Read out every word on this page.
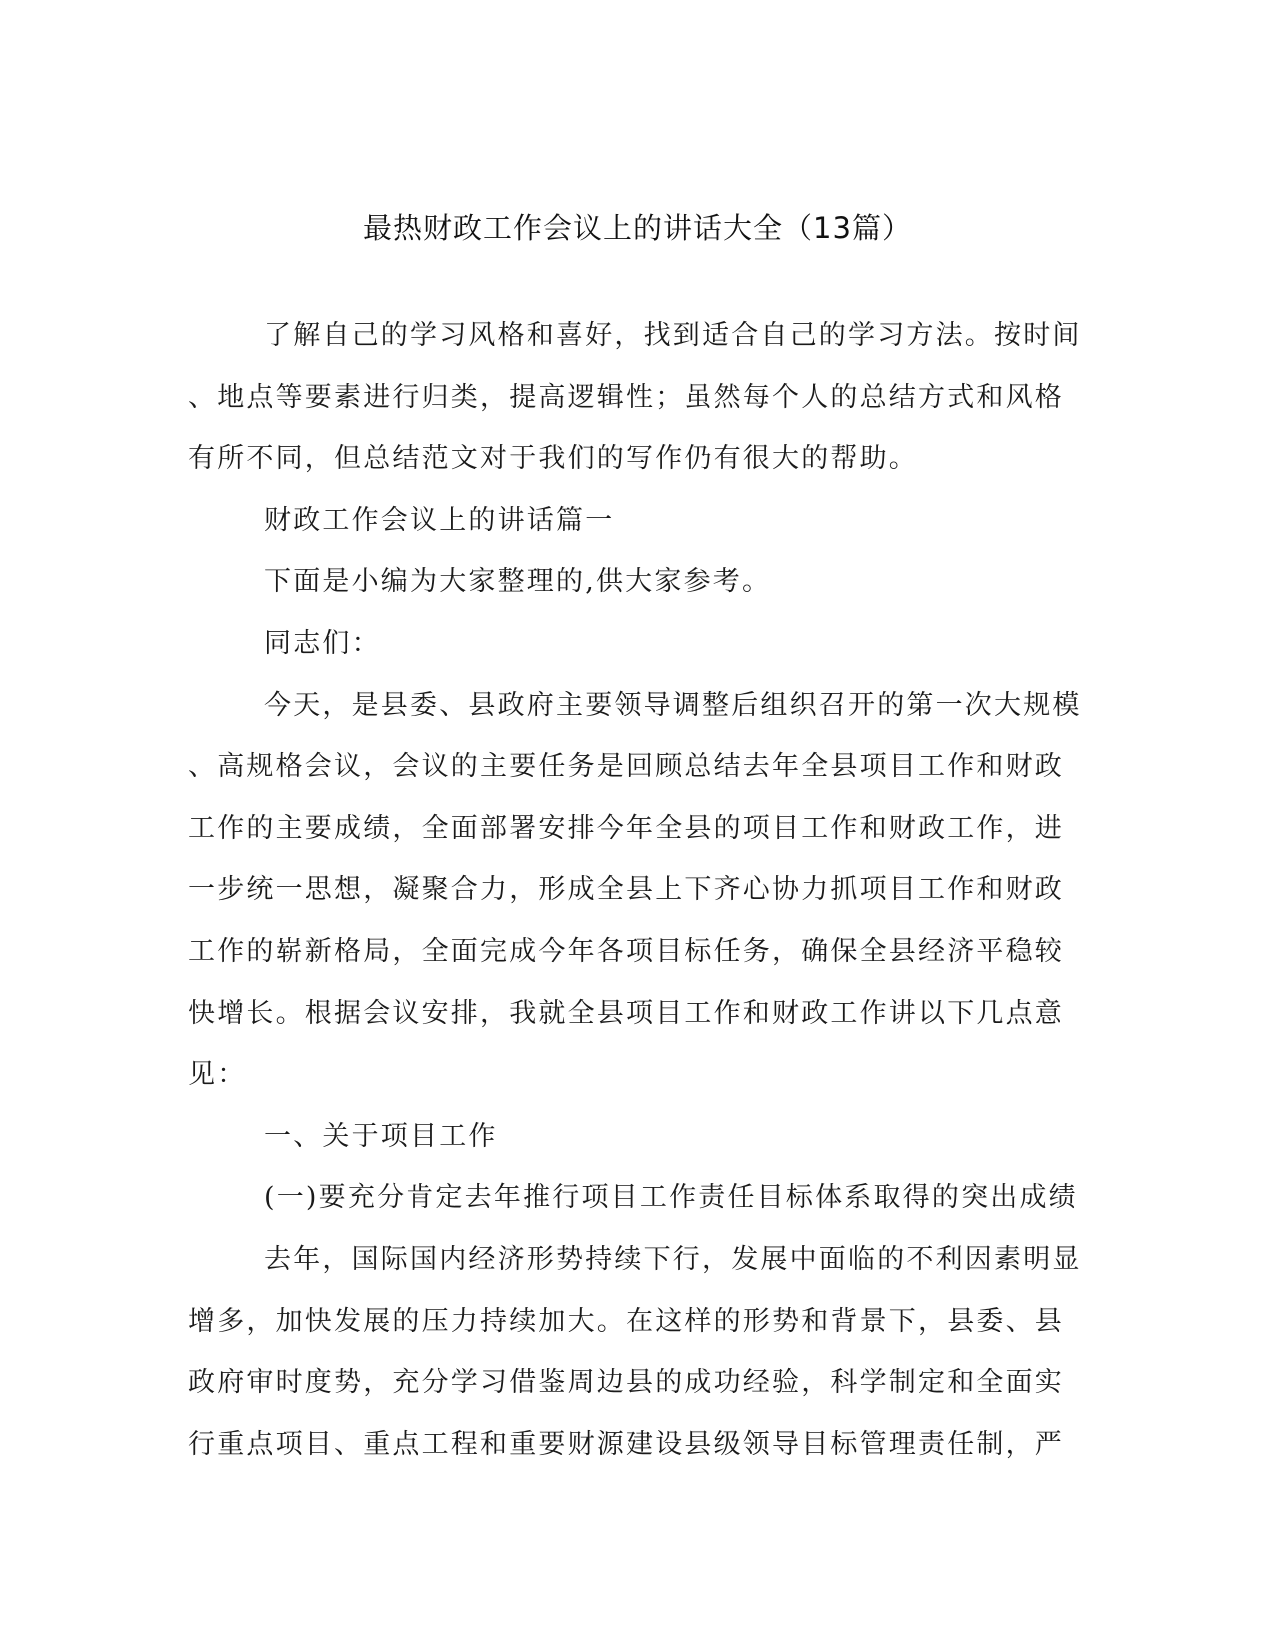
最热财政工作会议上的讲话大全（13篇）
了解自己的学习风格和喜好，找到适合自己的学习方法。按时间
、地点等要素进行归类，提高逻辑性；虽然每个人的总结方式和风格
有所不同，但总结范文对于我们的写作仍有很大的帮助。
财政工作会议上的讲话篇一
下面是小编为大家整理的,供大家参考。
同志们：
今天，是县委、县政府主要领导调整后组织召开的第一次大规模
、高规格会议，会议的主要任务是回顾总结去年全县项目工作和财政
工作的主要成绩，全面部署安排今年全县的项目工作和财政工作，进
一步统一思想，凝聚合力，形成全县上下齐心协力抓项目工作和财政
工作的崭新格局，全面完成今年各项目标任务，确保全县经济平稳较
快增长。根据会议安排，我就全县项目工作和财政工作讲以下几点意
见：
一、关于项目工作
(一)要充分肯定去年推行项目工作责任目标体系取得的突出成绩
去年，国际国内经济形势持续下行，发展中面临的不利因素明显
增多，加快发展的压力持续加大。在这样的形势和背景下，县委、县
政府审时度势，充分学习借鉴周边县的成功经验，科学制定和全面实
行重点项目、重点工程和重要财源建设县级领导目标管理责任制，严
